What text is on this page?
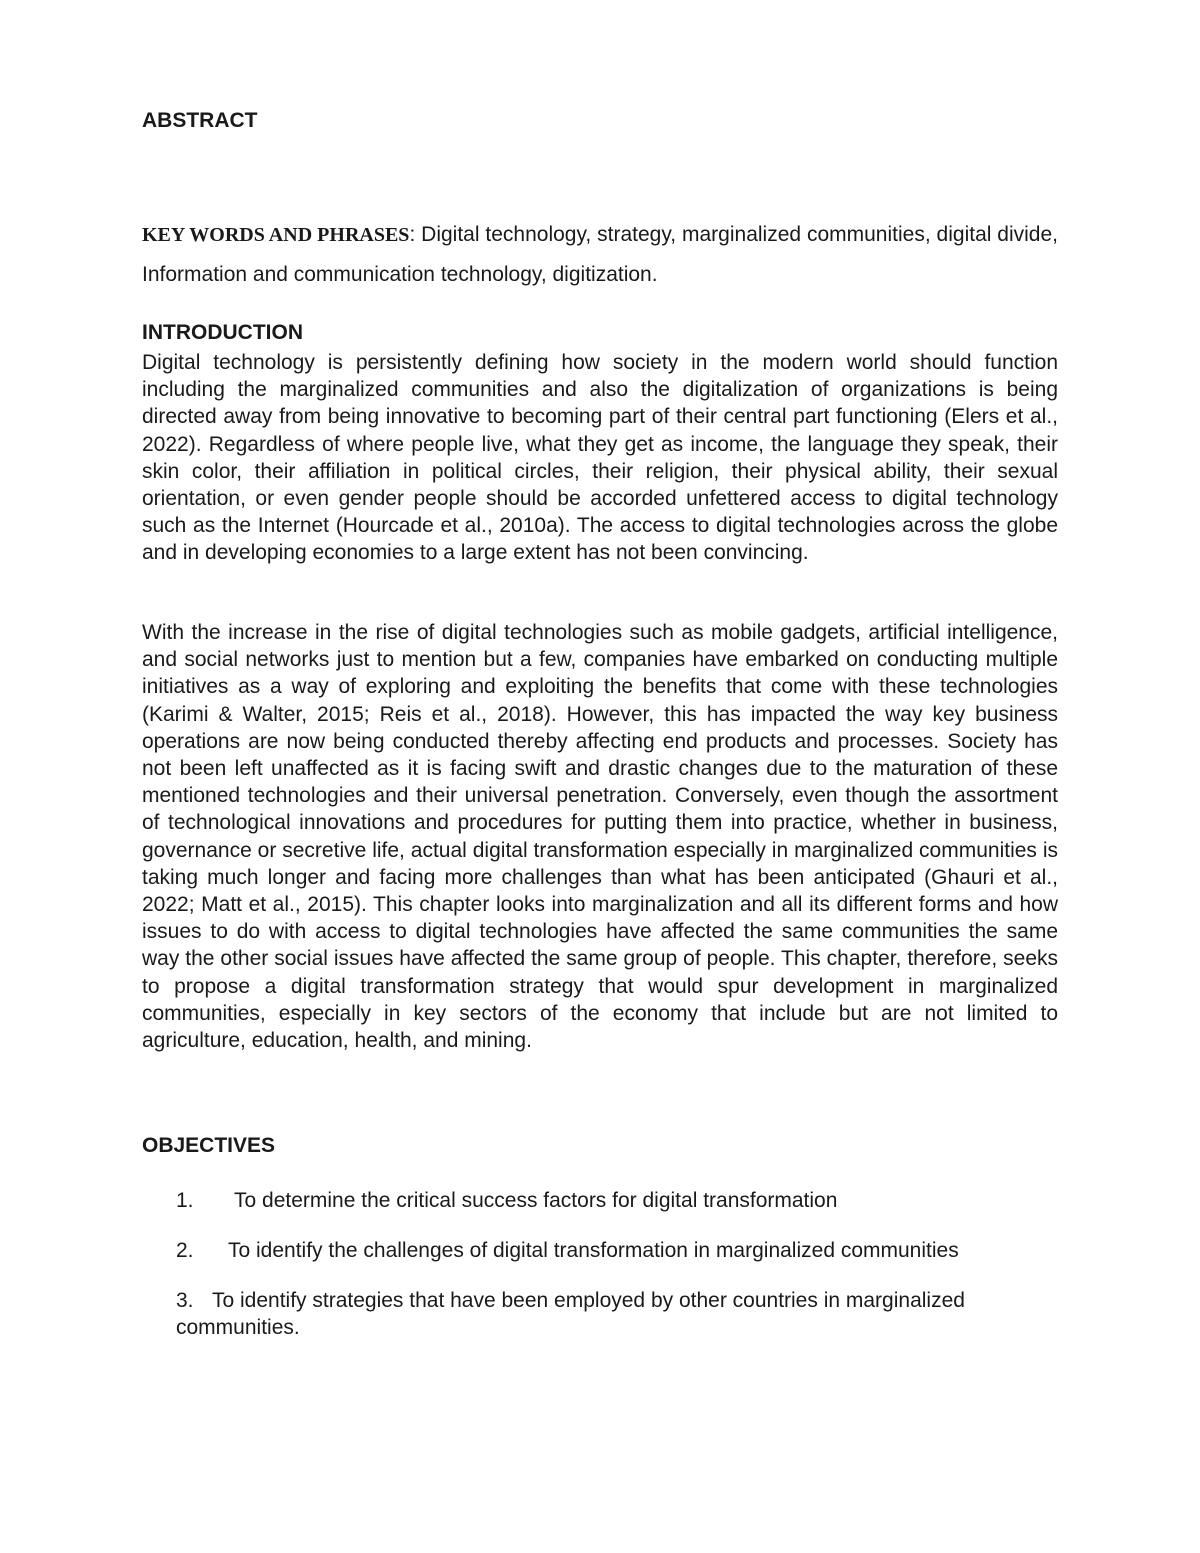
ABSTRACT

KEY WORDS AND PHRASES: Digital technology, strategy, marginalized communities, digital divide, Information and communication technology, digitization.

INTRODUCTION

Digital technology is persistently defining how society in the modern world should function including the marginalized communities and also the digitalization of organizations is being directed away from being innovative to becoming part of their central part functioning (Elers et al., 2022). Regardless of where people live, what they get as income, the language they speak, their skin color, their affiliation in political circles, their religion, their physical ability, their sexual orientation, or even gender people should be accorded unfettered access to digital technology such as the Internet (Hourcade et al., 2010a). The access to digital technologies across the globe and in developing economies to a large extent has not been convincing.

With the increase in the rise of digital technologies such as mobile gadgets, artificial intelligence, and social networks just to mention but a few, companies have embarked on conducting multiple initiatives as a way of exploring and exploiting the benefits that come with these technologies (Karimi & Walter, 2015; Reis et al., 2018). However, this has impacted the way key business operations are now being conducted thereby affecting end products and processes. Society has not been left unaffected as it is facing swift and drastic changes due to the maturation of these mentioned technologies and their universal penetration. Conversely, even though the assortment of technological innovations and procedures for putting them into practice, whether in business, governance or secretive life, actual digital transformation especially in marginalized communities is taking much longer and facing more challenges than what has been anticipated (Ghauri et al., 2022; Matt et al., 2015). This chapter looks into marginalization and all its different forms and how issues to do with access to digital technologies have affected the same communities the same way the other social issues have affected the same group of people. This chapter, therefore, seeks to propose a digital transformation strategy that would spur development in marginalized communities, especially in key sectors of the economy that include but are not limited to agriculture, education, health, and mining.

OBJECTIVES
1. To determine the critical success factors for digital transformation
2. To identify the challenges of digital transformation in marginalized communities
3. To identify strategies that have been employed by other countries in marginalized communities.
